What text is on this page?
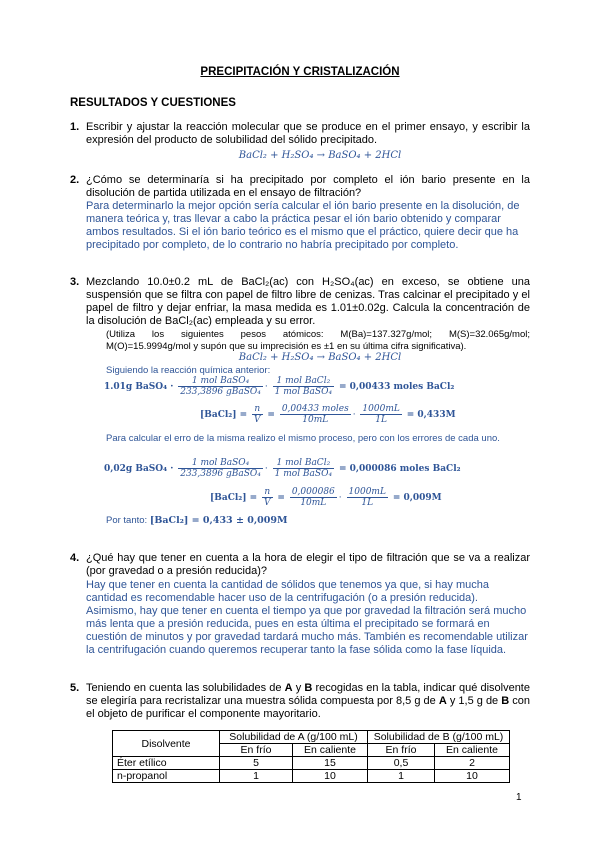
PRECIPITACIÓN Y CRISTALIZACIÓN
RESULTADOS Y CUESTIONES
1. Escribir y ajustar la reacción molecular que se produce en el primer ensayo, y escribir la expresión del producto de solubilidad del sólido precipitado.
BaCl₂ + H₂SO₄ → BaSO₄ + 2HCl
2. ¿Cómo se determinaría si ha precipitado por completo el ión bario presente en la disolución de partida utilizada en el ensayo de filtración?
Para determinarlo la mejor opción sería calcular el ión bario presente en la disolución, de manera teórica y, tras llevar a cabo la práctica pesar el ión bario obtenido y comparar ambos resultados. Si el ión bario teórico es el mismo que el práctico, quiere decir que ha precipitado por completo, de lo contrario no habría precipitado por completo.
3. Mezclando 10.0±0.2 mL de BaCl₂(ac) con H₂SO₄(ac) en exceso, se obtiene una suspensión que se filtra con papel de filtro libre de cenizas. Tras calcinar el precipitado y el papel de filtro y dejar enfriar, la masa medida es 1.01±0.02g. Calcula la concentración de la disolución de BaCl₂(ac) empleada y su error.
(Utiliza los siguientes pesos atómicos: M(Ba)=137.327g/mol; M(S)=32.065g/mol; M(O)=15.9994g/mol y supón que su imprecisión es ±1 en su última cifra significativa).
BaCl₂ + H₂SO₄ → BaSO₄ + 2HCl
Siguiendo la reacción química anterior:
1.01g BaSO₄ · $\frac{\text{1 mol BaSO₄}}{\text{233,3896 gBaSO₄}} \cdot \frac{\text{1 mol BaCl₂}}{\text{1 mol BaSO₄}} = 0,00433$ moles BaCl₂
[BaCl₂] = $\frac{n}{V} = \frac{\text{0,00433 moles}}{10mL} \cdot \frac{1000mL}{1L} = 0,433M$
Para calcular el erro de la misma realizo el mismo proceso, pero con los errores de cada uno.
0,02g BaSO₄ · $\frac{\text{1 mol BaSO₄}}{\text{233,3896 gBaSO₄}} \cdot \frac{\text{1 mol BaCl₂}}{\text{1 mol BaSO₄}} = 0,000086$ moles BaCl₂
[BaCl₂] = $\frac{n}{V} = \frac{0,000086}{10mL} \cdot \frac{1000mL}{1L} = 0,009M$
Por tanto: [BaCl₂] = 0,433 ± 0,009M
4. ¿Qué hay que tener en cuenta a la hora de elegir el tipo de filtración que se va a realizar (por gravedad o a presión reducida)?
Hay que tener en cuenta la cantidad de sólidos que tenemos ya que, si hay mucha cantidad es recomendable hacer uso de la centrifugación (o a presión reducida). Asimismo, hay que tener en cuenta el tiempo ya que por gravedad la filtración será mucho más lenta que a presión reducida, pues en esta última el precipitado se formará en cuestión de minutos y por gravedad tardará mucho más. También es recomendable utilizar la centrifugación cuando queremos recuperar tanto la fase sólida como la fase líquida.
5. Teniendo en cuenta las solubilidades de A y B recogidas en la tabla, indicar qué disolvente se elegiría para recristalizar una muestra sólida compuesta por 8,5 g de A y 1,5 g de B con el objeto de purificar el componente mayoritario.
Disolvente	Solubilidad de A (g/100 mL)		Solubilidad de B (g/100 mL)	
	En frío	En caliente	En frío	En caliente
Éter etílico	5	15	0,5	2
n-propanol	1	10	1	10
1
